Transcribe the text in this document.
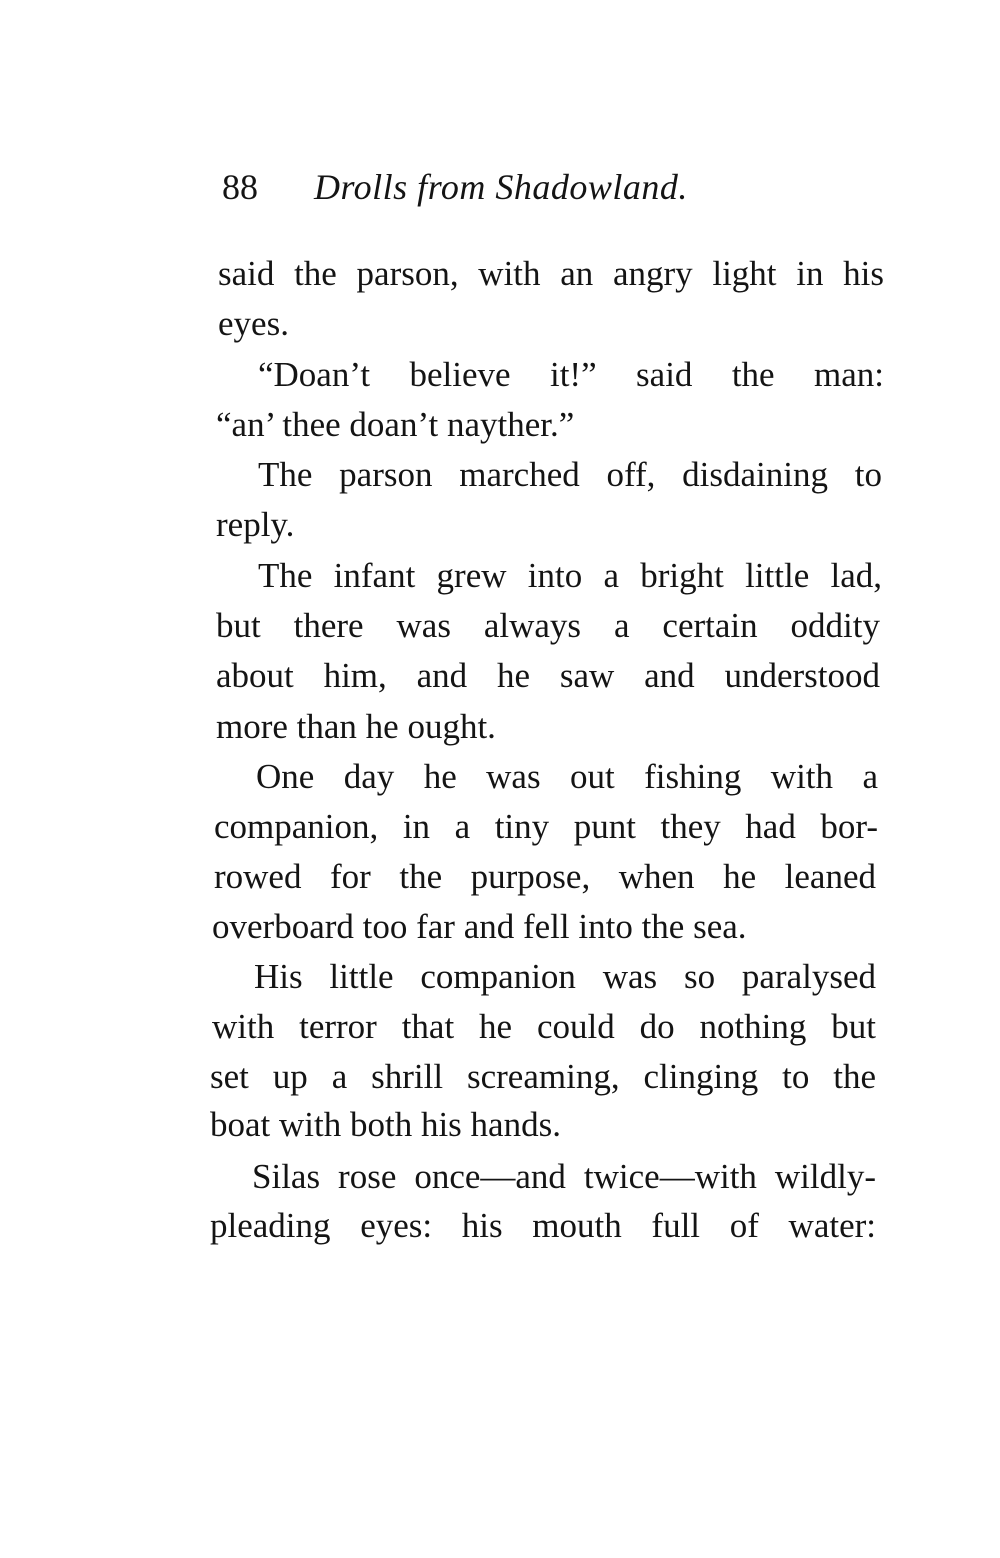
88 Drolls from Shadowland.
said the parson, with an angry light in his
eyes.
“Doan’t believe it!” said the man:
“an’ thee doan’t nayther.”
The parson marched off, disdaining to
reply.
The infant grew into a bright little lad,
but there was always a certain oddity
about him, and he saw and understood
more than he ought.
One day he was out fishing with a
companion, in a tiny punt they had bor-
rowed for the purpose, when he leaned
overboard too far and fell into the sea.
His little companion was so paralysed
with terror that he could do nothing but
set up a shrill screaming, clinging to the
boat with both his hands.
Silas rose once—and twice—with wildly-
pleading eyes: his mouth full of water:
